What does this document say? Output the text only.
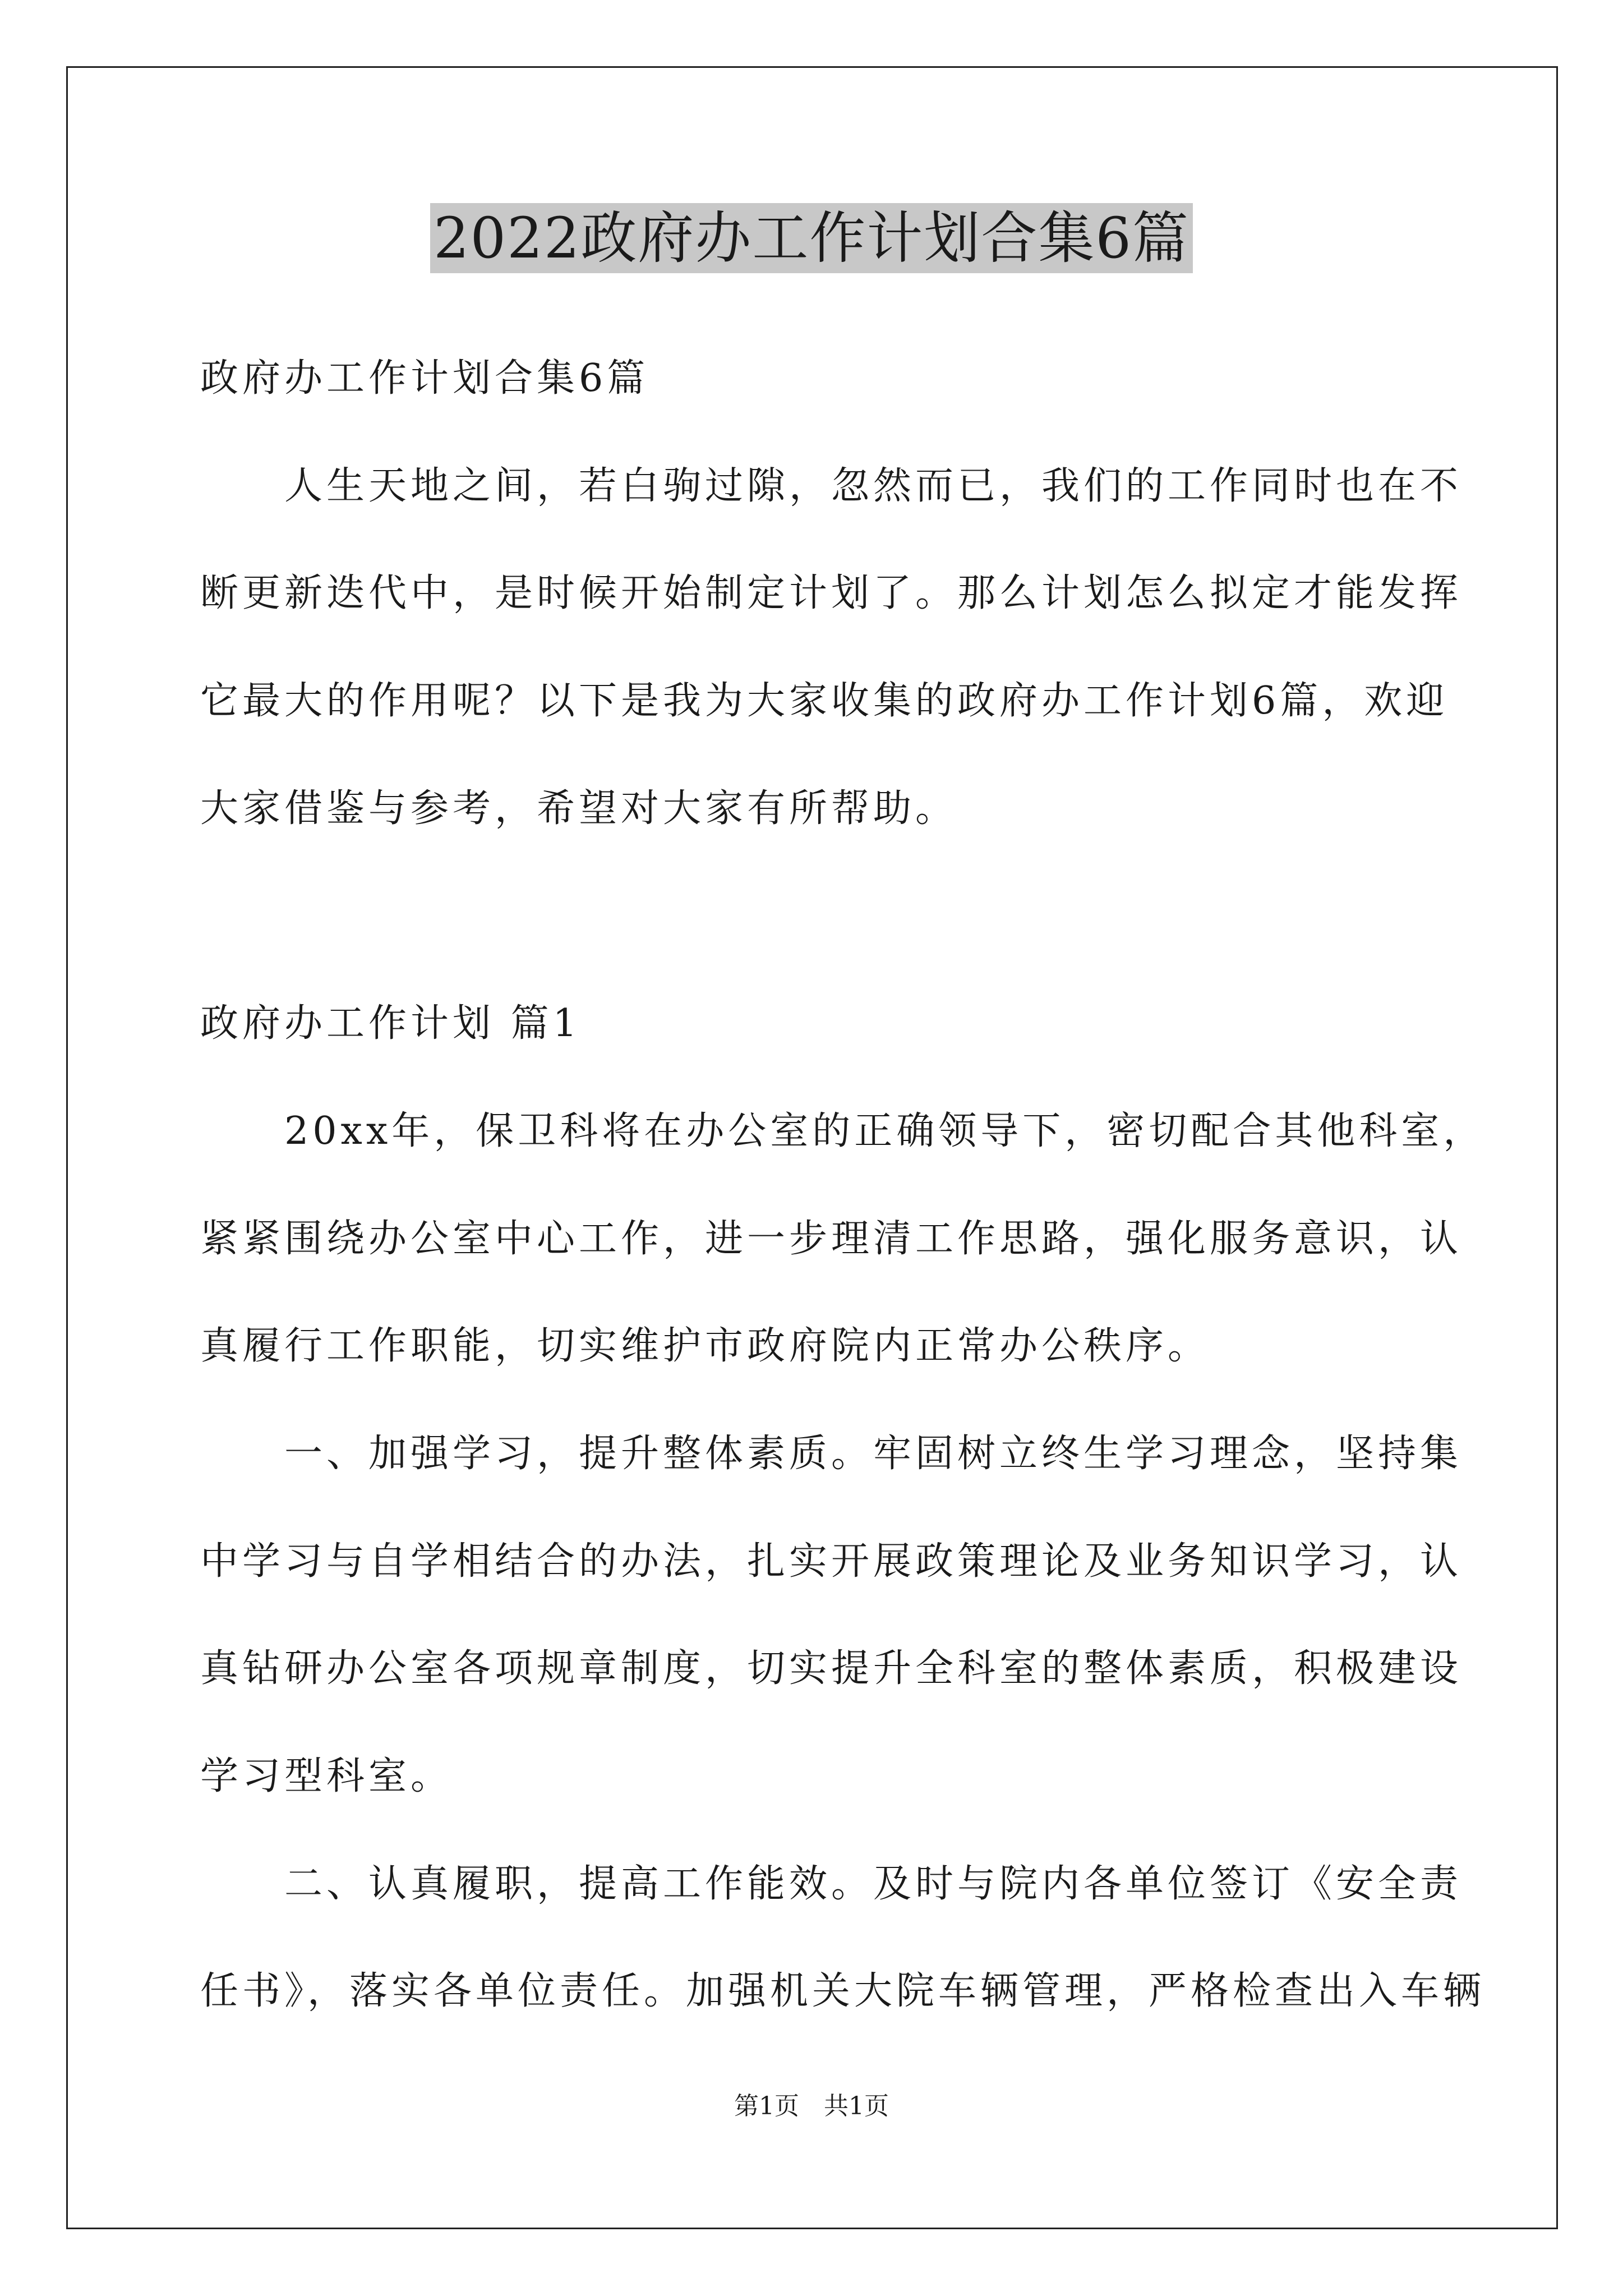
2022政府办工作计划合集6篇
政府办工作计划合集6篇
　　人生天地之间，若白驹过隙，忽然而已，我们的工作同时也在不
断更新迭代中，是时候开始制定计划了。那么计划怎么拟定才能发挥
它最大的作用呢？以下是我为大家收集的政府办工作计划6篇，欢迎
大家借鉴与参考，希望对大家有所帮助。
政府办工作计划 篇1
　　20xx年，保卫科将在办公室的正确领导下，密切配合其他科室，
紧紧围绕办公室中心工作，进一步理清工作思路，强化服务意识，认
真履行工作职能，切实维护市政府院内正常办公秩序。
　　一、加强学习，提升整体素质。牢固树立终生学习理念，坚持集
中学习与自学相结合的办法，扎实开展政策理论及业务知识学习，认
真钻研办公室各项规章制度，切实提升全科室的整体素质，积极建设
学习型科室。
　　二、认真履职，提高工作能效。及时与院内各单位签订《安全责
任书》，落实各单位责任。加强机关大院车辆管理，严格检查出入车辆
第1页　共1页
